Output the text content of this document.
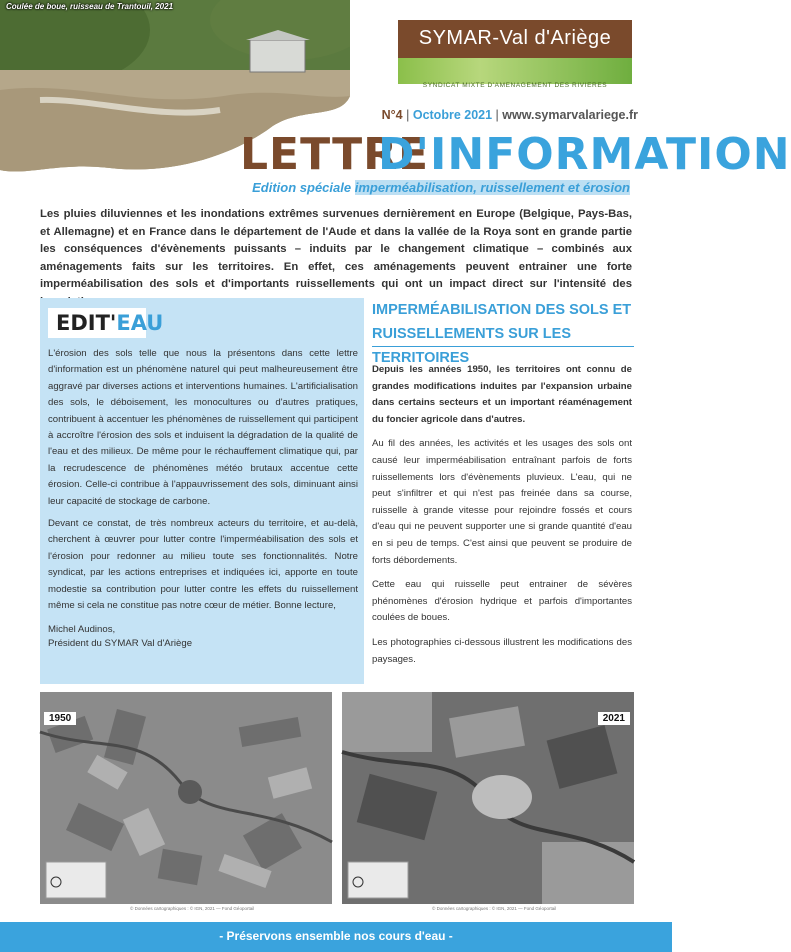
Coulée de boue, ruisseau de Trantouil, 2021
SYMAR-Val d'Ariège
SYNDICAT MIXTE D'AMENAGEMENT DES RIVIERES
N°4 | Octobre 2021 | www.symarvalariege.fr
LETTRE
D'INFORMATION
Edition spéciale imperméabilisation, ruissellement et érosion
Les pluies diluviennes et les inondations extrêmes survenues dernièrement en Europe (Belgique, Pays-Bas, et Allemagne) et en France dans le département de l'Aude et dans la vallée de la Roya sont en grande partie les conséquences d'évènements puissants – induits par le changement climatique – combinés aux aménagements faits sur les territoires. En effet, ces aménagements peuvent entrainer une forte imperméabilisation des sols et d'importants ruissellements qui ont un impact direct sur l'intensité des
EDIT'EAU

L'érosion des sols telle que nous la présentons dans cette lettre d'information est un phénomène naturel qui peut malheureusement être aggravé par diverses actions et interventions humaines. L'artificialisation des sols, le déboisement, les monocultures ou d'autres pratiques, contribuent à accentuer les phénomènes de ruissellement qui participent à accroître l'érosion des sols et induisent la dégradation de la qualité de l'eau et des milieux. De même pour le réchauffement climatique qui, par la recrudescence de phénomènes météo brutaux accentue cette érosion. Celle-ci contribue à l'appauvrissement des sols, diminuant ainsi leur capacité de stockage de carbone.

Devant ce constat, de très nombreux acteurs du territoire, et au-delà, cherchent à œuvrer pour lutter contre l'imperméabilisation des sols et l'érosion pour redonner au milieu toute ses fonctionnalités. Notre syndicat, par les actions entreprises et indiquées ici, apporte en toute modestie sa contribution pour lutter contre les effets du ruissellement même si cela ne constitue pas notre cœur de métier. Bonne lecture,

Michel Audinos,
Président du SYMAR Val d'Ariège

IMPERMÉABILISATION DES SOLS ET RUISSELLEMENTS SUR LES TERRITOIRES

Depuis les années 1950, les territoires ont connu de grandes modifications induites par l'expansion urbaine dans certains secteurs et un important réaménagement du foncier agricole dans d'autres.

Au fil des années, les activités et les usages des sols ont causé leur imperméabilisation entraînant parfois de forts ruissellements lors d'évènements pluvieux. L'eau, qui ne peut s'infiltrer et qui n'est pas freinée dans sa course, ruisselle à grande vitesse pour rejoindre fossés et cours d'eau qui ne peuvent supporter une si grande quantité d'eau en si peu de temps. C'est ainsi que peuvent se produire de forts débordements.

Cette eau qui ruisselle peut entrainer de sévères phénomènes d'érosion hydrique et parfois d'importantes coulées de boues.

Les photographies ci-dessous illustrent les modifications des paysages.

1950
© Données cartographiques : © IGN, 2021 — Fond Géoportail
2021
© Données cartographiques : © IGN, 2021 — Fond Géoportail
- Préservons ensemble nos cours d'eau -
